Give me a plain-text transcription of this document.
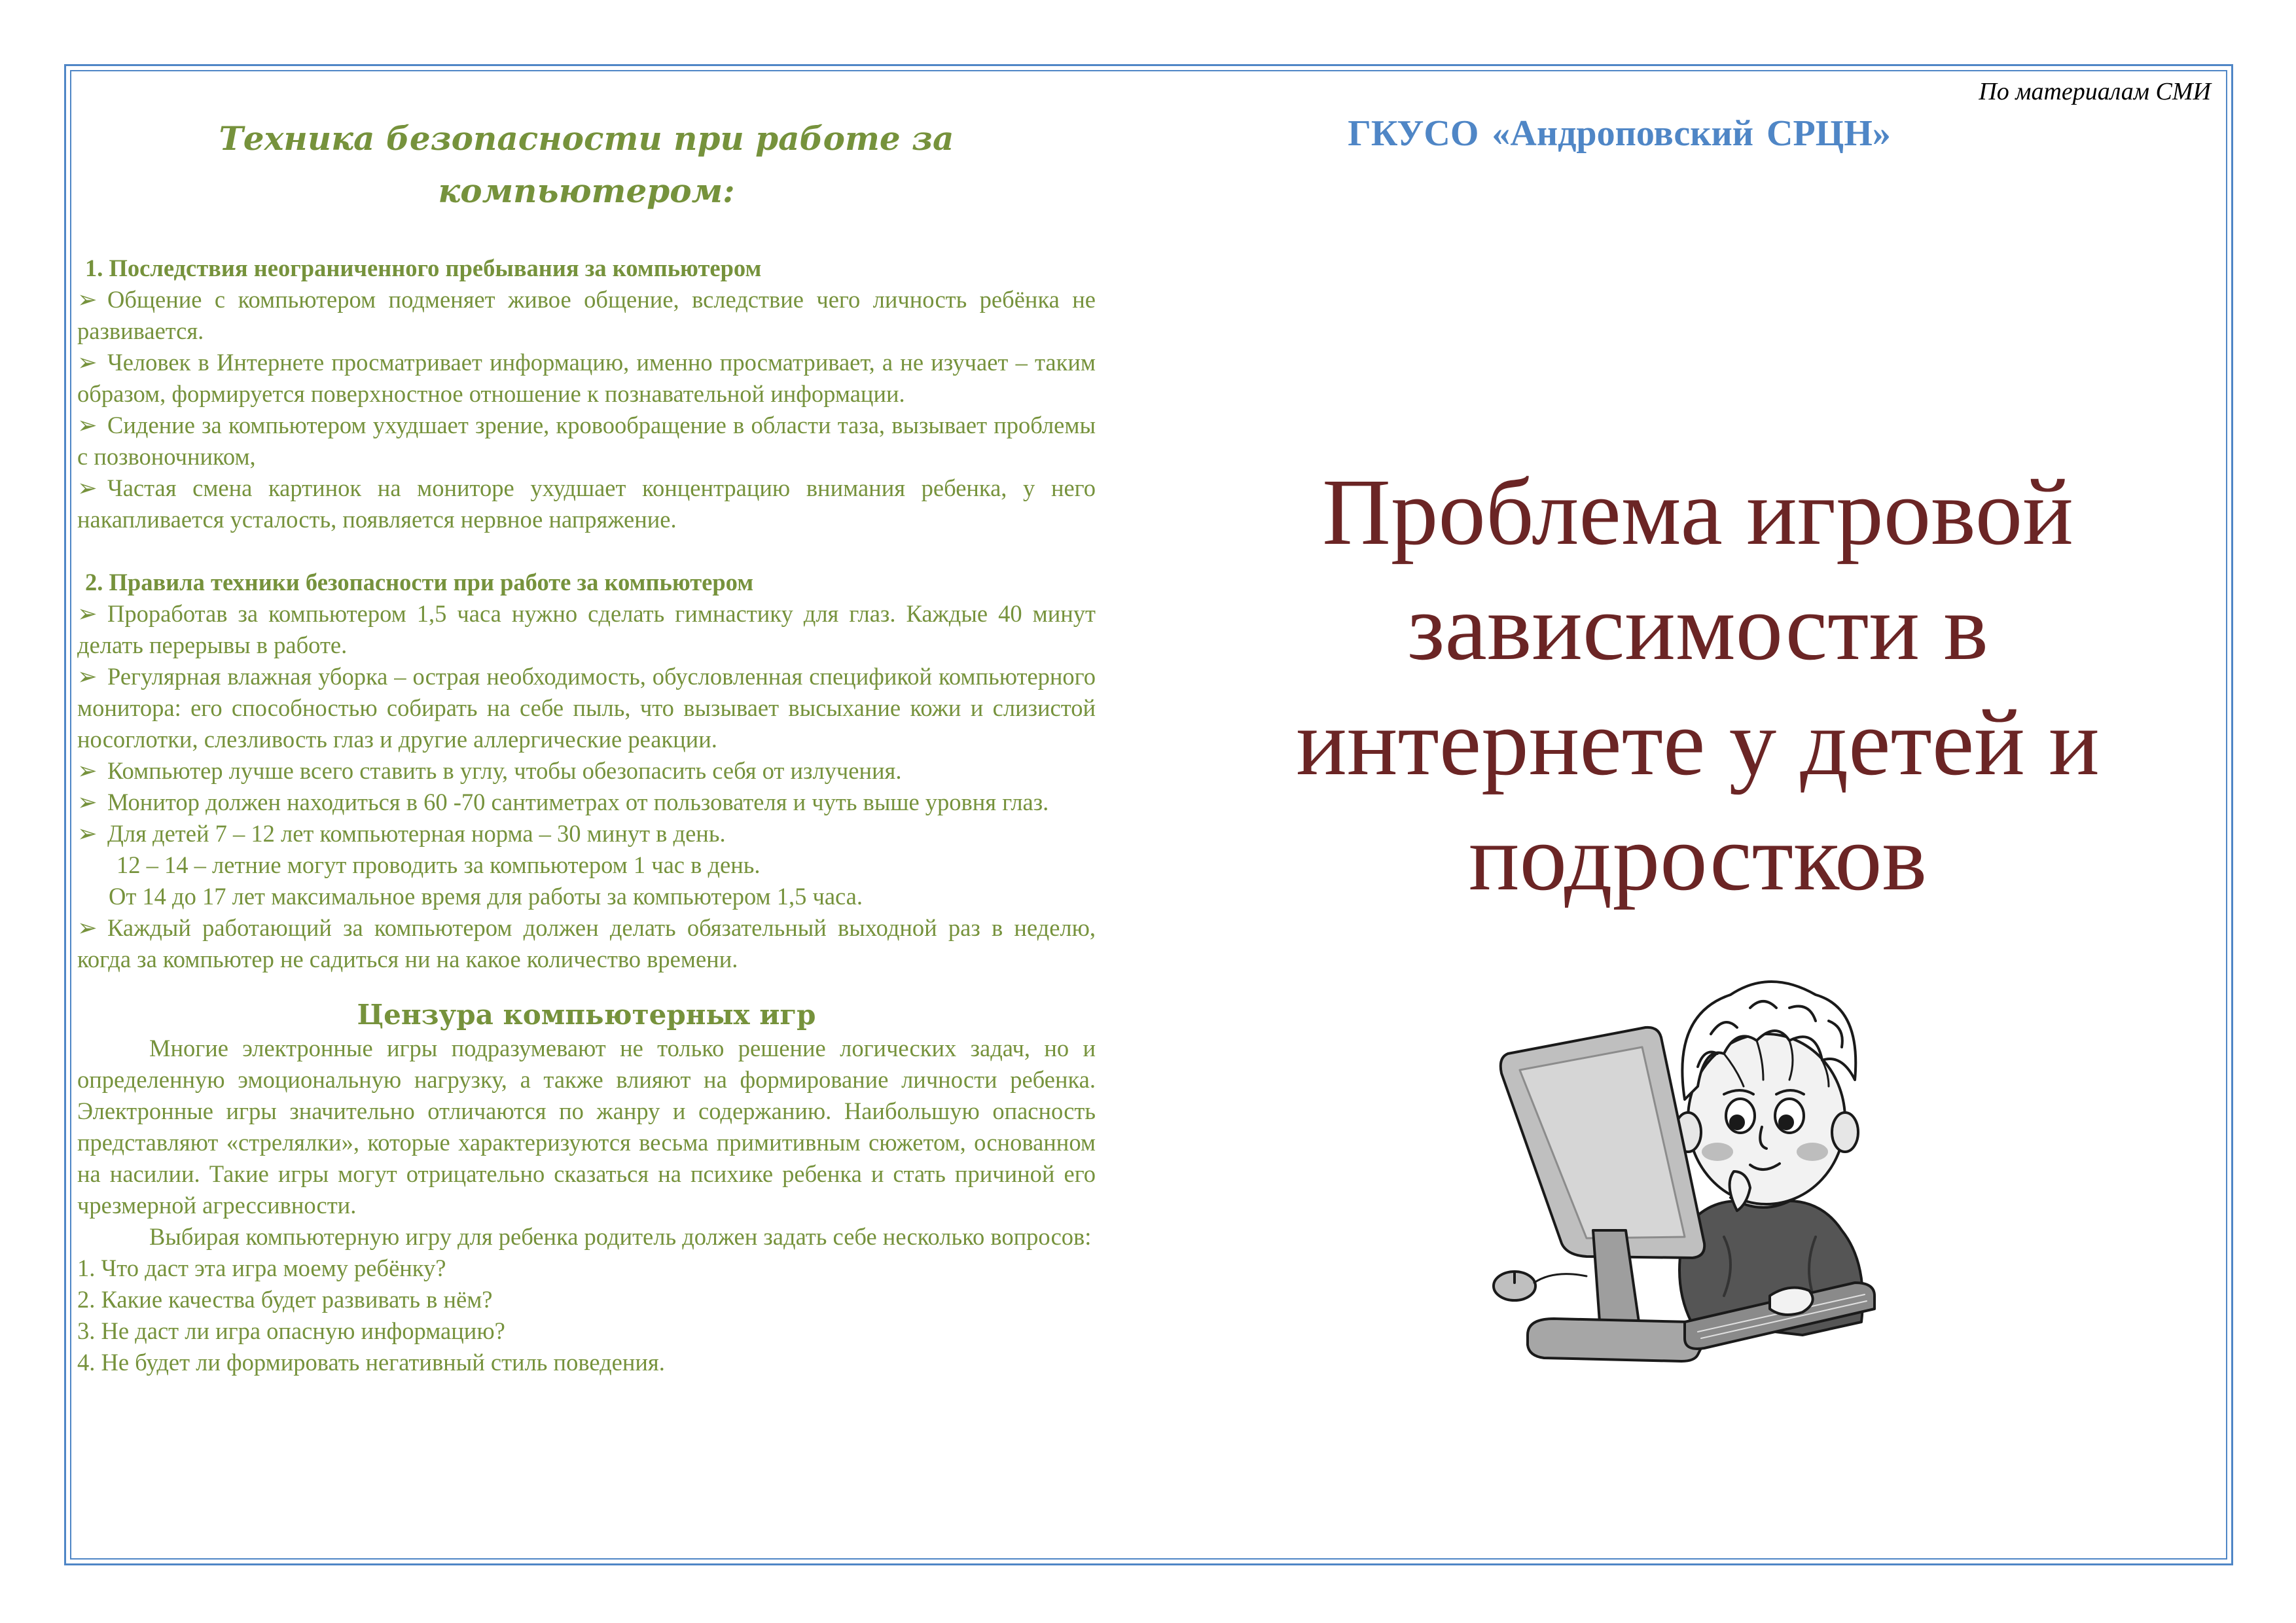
Техника безопасности при работе за компьютером:

1. Последствия неограниченного пребывания за компьютером

➢ Общение с компьютером подменяет живое общение, вследствие чего личность ребёнка не развивается.

➢ Человек в Интернете просматривает информацию, именно просматривает, а не изучает – таким образом, формируется поверхностное отношение к познавательной информации.

➢ Сидение за компьютером ухудшает зрение, кровообращение в области таза, вызывает проблемы с позвоночником,

➢ Частая смена картинок на мониторе ухудшает концентрацию внимания ребенка, у него накапливается усталость, появляется нервное напряжение.

2. Правила техники безопасности при работе за компьютером

➢ Проработав за компьютером 1,5 часа нужно сделать гимнастику для глаз. Каждые 40 минут делать перерывы в работе.

➢ Регулярная влажная уборка – острая необходимость, обусловленная спецификой компьютерного монитора: его способностью собирать на себе пыль, что вызывает высыхание кожи и слизистой носоглотки, слезливость глаз и другие аллергические реакции.

➢ Компьютер лучше всего ставить в углу, чтобы обезопасить себя от излучения.

➢ Монитор должен находиться в 60 -70 сантиметрах от пользователя и чуть выше уровня глаз.

➢ Для детей 7 – 12 лет компьютерная норма – 30 минут в день.

12 – 14 – летние могут проводить за компьютером 1 час в день.

От 14 до 17 лет максимальное время для работы за компьютером 1,5 часа.

➢ Каждый работающий за компьютером должен делать обязательный выходной раз в неделю, когда за компьютер не садиться ни на какое количество времени.

Цензура компьютерных игр

Многие электронные игры подразумевают не только решение логических задач, но и определенную эмоциональную нагрузку, а также влияют на формирование личности ребенка. Электронные игры значительно отличаются по жанру и содержанию. Наибольшую опасность представляют «стрелялки», которые характеризуются весьма примитивным сюжетом, основанном на насилии. Такие игры могут отрицательно сказаться на психике ребенка и стать причиной его чрезмерной агрессивности.

Выбирая компьютерную игру для ребенка родитель должен задать себе несколько вопросов:

1. Что даст эта игра моему ребёнку?

2. Какие качества будет развивать в нём?

3. Не даст ли игра опасную информацию?

4. Не будет ли формировать негативный стиль поведения.

По материалам СМИ
ГКУСО «Андроповский СРЦН»
Проблема игровой
зависимости в
интернете у детей и
подростков
